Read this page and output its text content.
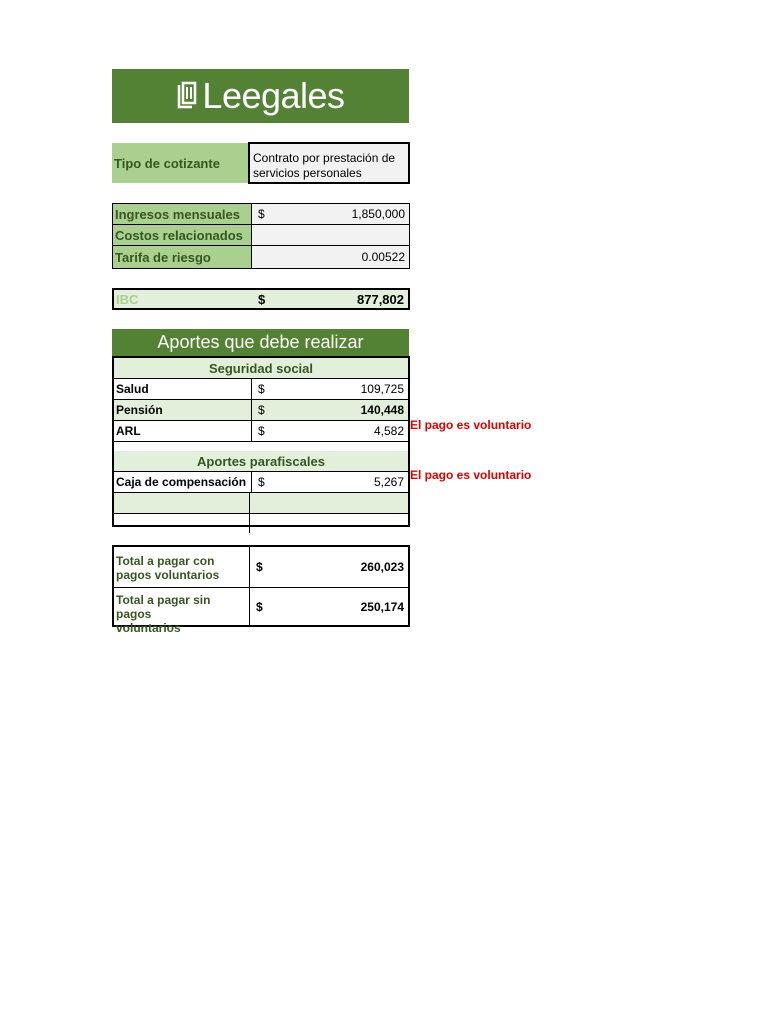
Leegales
Tipo de cotizante	Contrato por prestación de
servicios personales
Ingresos mensuales $	1,850,000
Costos relacionados
Tarifa de riesgo	0.00522
IBC	$	877,802
Aportes que debe realizar
Seguridad social
Salud	$	109,725
Pensión	$	140,448
ARL	$	4,582
Aportes parafiscales
Caja de compensación $	5,267
El pago es voluntario
El pago es voluntario
Total a pagar con
pagos voluntarios
$	260,023
Total a pagar sin pagos
voluntarios
$	250,174
